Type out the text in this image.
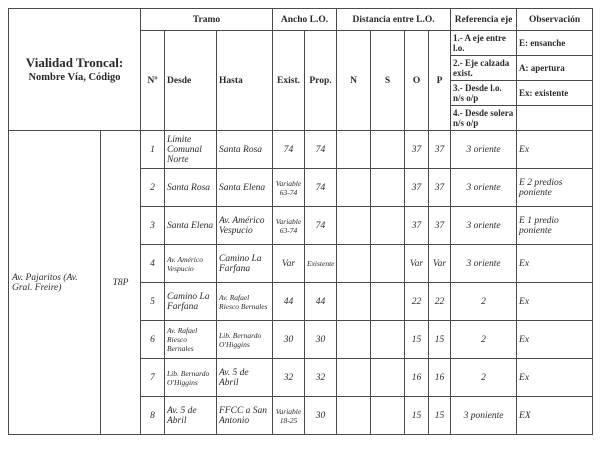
Vialidad Troncal:
Nombre Vía, Código		Tramo			Ancho L.O.		Distancia entre L.O.				Referencia eje	Observación
		Nº	Desde	Hasta	Exist.	Prop.	N	S	O	P	1.- A eje entre l.o.	E: ensanche
											2.- Eje calzada exist.	A: apertura
											3.- Desde l.o. n/s o/p	Ex: existente
											4.- Desde solera n/s o/p	
Av. Pajaritos (Av. Gral. Freire)	T8P	1	Límite Comunal Norte	Santa Rosa	74	74			37	37	3 oriente	Ex
		2	Santa Rosa	Santa Elena	Variable 63-74	74			37	37	3 oriente	E 2 predios poniente
		3	Santa Elena	Av. Américo Vespucio	Variable 63-74	74			37	37	3 oriente	E 1 predio poniente
		4	Av. Américo Vespucio	Camino La Farfana	Var	Existente			Var	Var	3 oriente	Ex
		5	Camino La Farfana	Av. Rafael Riesco Bernales	44	44			22	22	2	Ex
		6	Av. Rafael Riesco Bernales	Lib. Bernardo O'Higgins	30	30			15	15	2	Ex
		7	Lib. Bernardo O'Higgins	Av. 5 de Abril	32	32			16	16	2	Ex
		8	Av. 5 de Abril	FFCC a San Antonio	Variable 18-25	30			15	15	3 poniente	EX
